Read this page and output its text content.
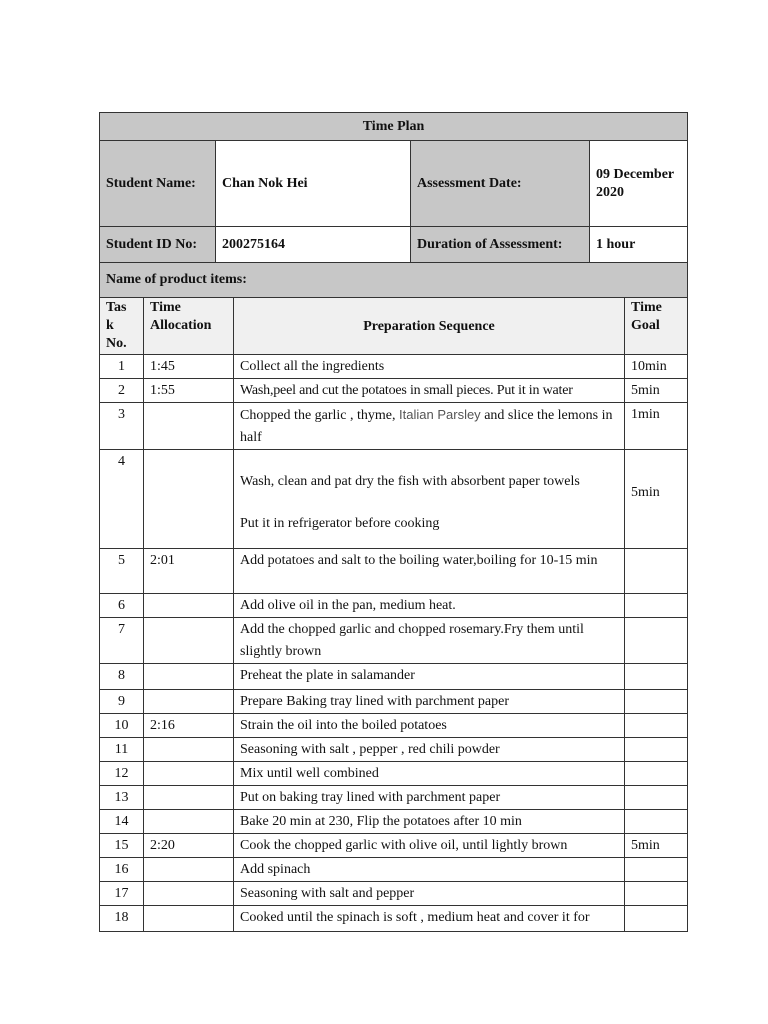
Time Plan			
Student Name:	Chan Nok Hei	Assessment Date:	09 December 2020
Student ID No:	200275164	Duration of Assessment:	1 hour
Name of product items:			
Tas k No.	Time Allocation	Preparation Sequence	Time Goal
1	1:45	Collect all the ingredients	10min
2	1:55	Wash,peel and cut the potatoes in small pieces. Put it in water	5min
3		Chopped the garlic , thyme, Italian Parsley and slice the lemons in half	1min
4		Wash, clean and pat dry the fish with absorbent paper towels
Put it in refrigerator before cooking	5min
5	2:01	Add potatoes and salt to the boiling water,boiling for 10-15 min	
6		Add olive oil in the pan, medium heat.	
7		Add the chopped garlic and chopped rosemary.Fry them until slightly brown	
8		Preheat the plate in salamander	
9		Prepare Baking tray lined with parchment paper	
10	2:16	Strain the oil into the boiled potatoes	
11		Seasoning with salt , pepper , red chili powder	
12		Mix until well combined	
13		Put on baking tray lined with parchment paper	
14		Bake 20 min at 230, Flip the potatoes after 10 min	
15	2:20	Cook the chopped garlic with olive oil, until lightly brown	5min
16		Add spinach	
17		Seasoning with salt and pepper	
18		Cooked until the spinach is soft , medium heat and cover it for	
